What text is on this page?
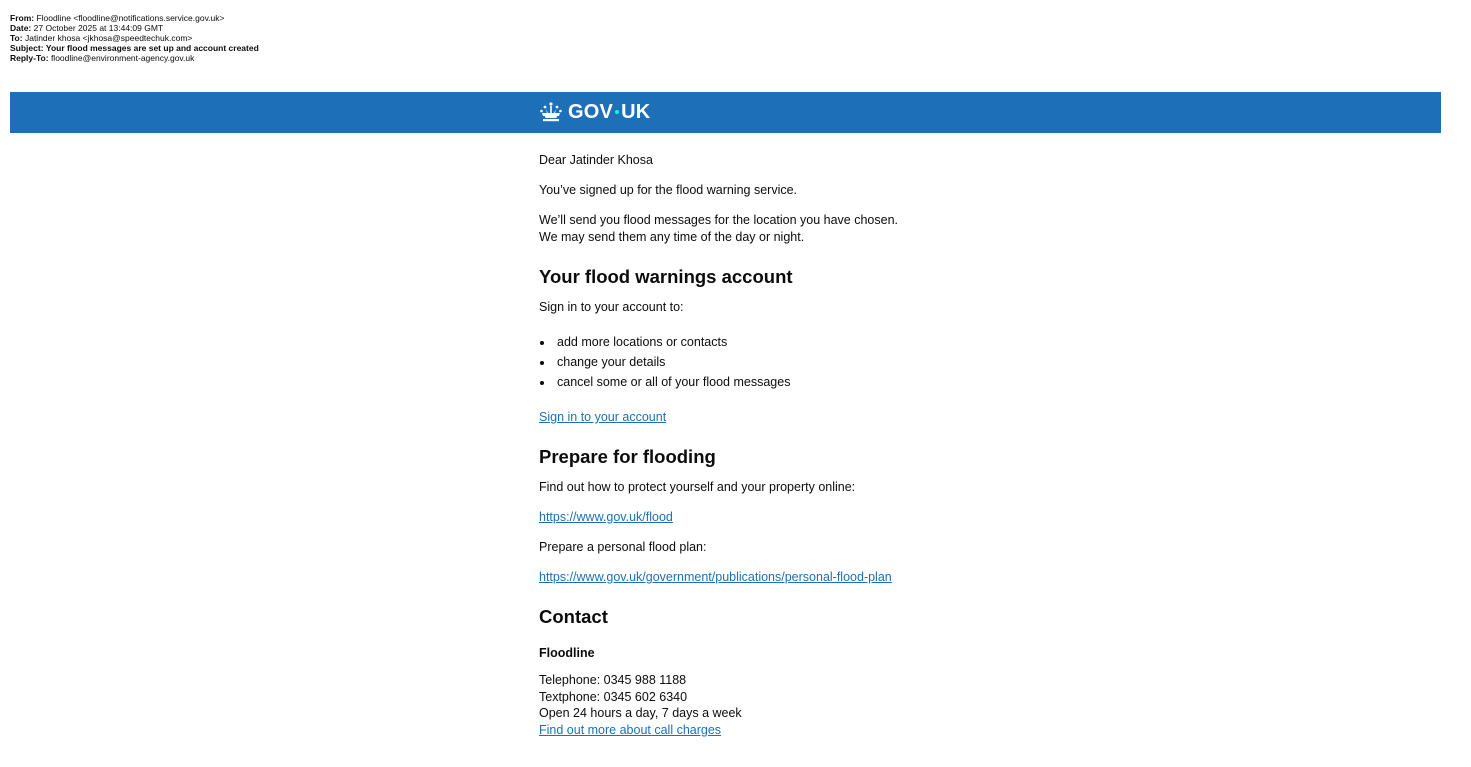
From: Floodline <floodline@notifications.service.gov.uk>
Date: 27 October 2025 at 13:44:09 GMT
To: Jatinder khosa <jkhosa@speedtechuk.com>
Subject: Your flood messages are set up and account created
Reply-To: floodline@environment-agency.gov.uk
GOV UK
Dear Jatinder Khosa
You’ve signed up for the flood warning service.
We’ll send you flood messages for the location you have chosen.
We may send them any time of the day or night.
Your flood warnings account
Sign in to your account to:
add more locations or contacts
change your details
cancel some or all of your flood messages
Sign in to your account
Prepare for flooding
Find out how to protect yourself and your property online:
https://www.gov.uk/flood
Prepare a personal flood plan:
https://www.gov.uk/government/publications/personal-flood-plan
Contact
Floodline
Telephone: 0345 988 1188
Textphone: 0345 602 6340
Open 24 hours a day, 7 days a week
Find out more about call charges
